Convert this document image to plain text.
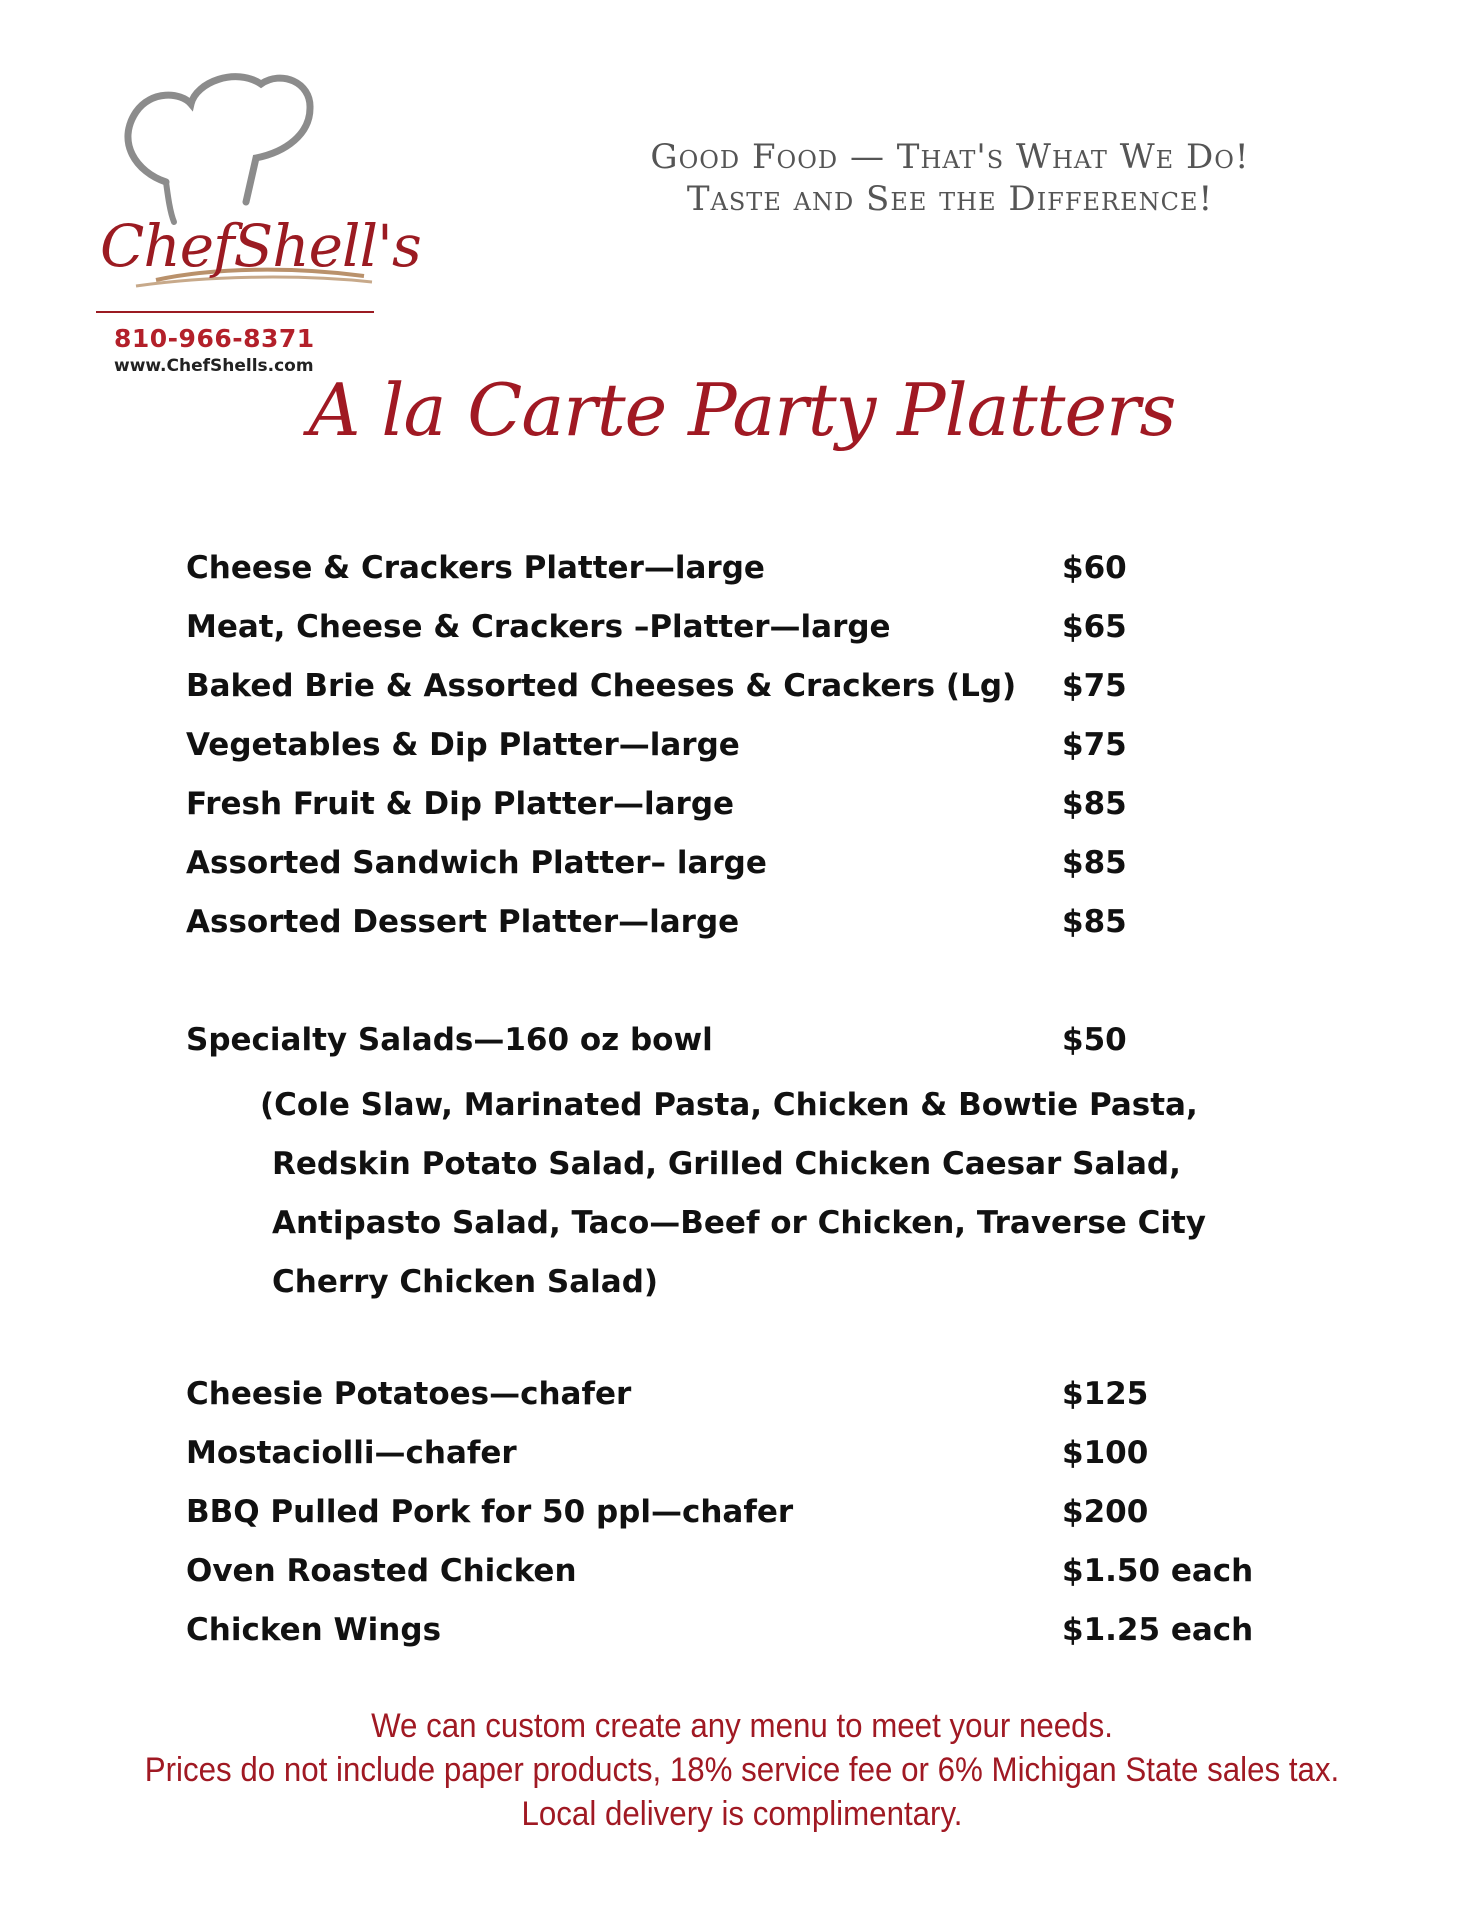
ChefShell's
810-966-8371
www.ChefShells.com
Good Food — That's What We Do!
Taste and See the Difference!
A la Carte Party Platters
Cheese & Crackers Platter—large	$60
Meat, Cheese & Crackers –Platter—large	$65
Baked Brie & Assorted Cheeses & Crackers (Lg) $75
Vegetables & Dip Platter—large	$75
Fresh Fruit & Dip Platter—large	$85
Assorted Sandwich Platter– large	$85
Assorted Dessert Platter—large	$85
Specialty Salads—160 oz bowl	$50
(Cole Slaw, Marinated Pasta, Chicken & Bowtie Pasta,
Redskin Potato Salad, Grilled Chicken Caesar Salad,
Antipasto Salad, Taco—Beef or Chicken, Traverse City
Cherry Chicken Salad)
Cheesie Potatoes—chafer	$125
Mostaciolli—chafer	$100
BBQ Pulled Pork for 50 ppl—chafer	$200
Oven Roasted Chicken	$1.50 each
Chicken Wings	$1.25 each
We can custom create any menu to meet your needs.
Prices do not include paper products, 18% service fee or 6% Michigan State sales tax.
Local delivery is complimentary.
